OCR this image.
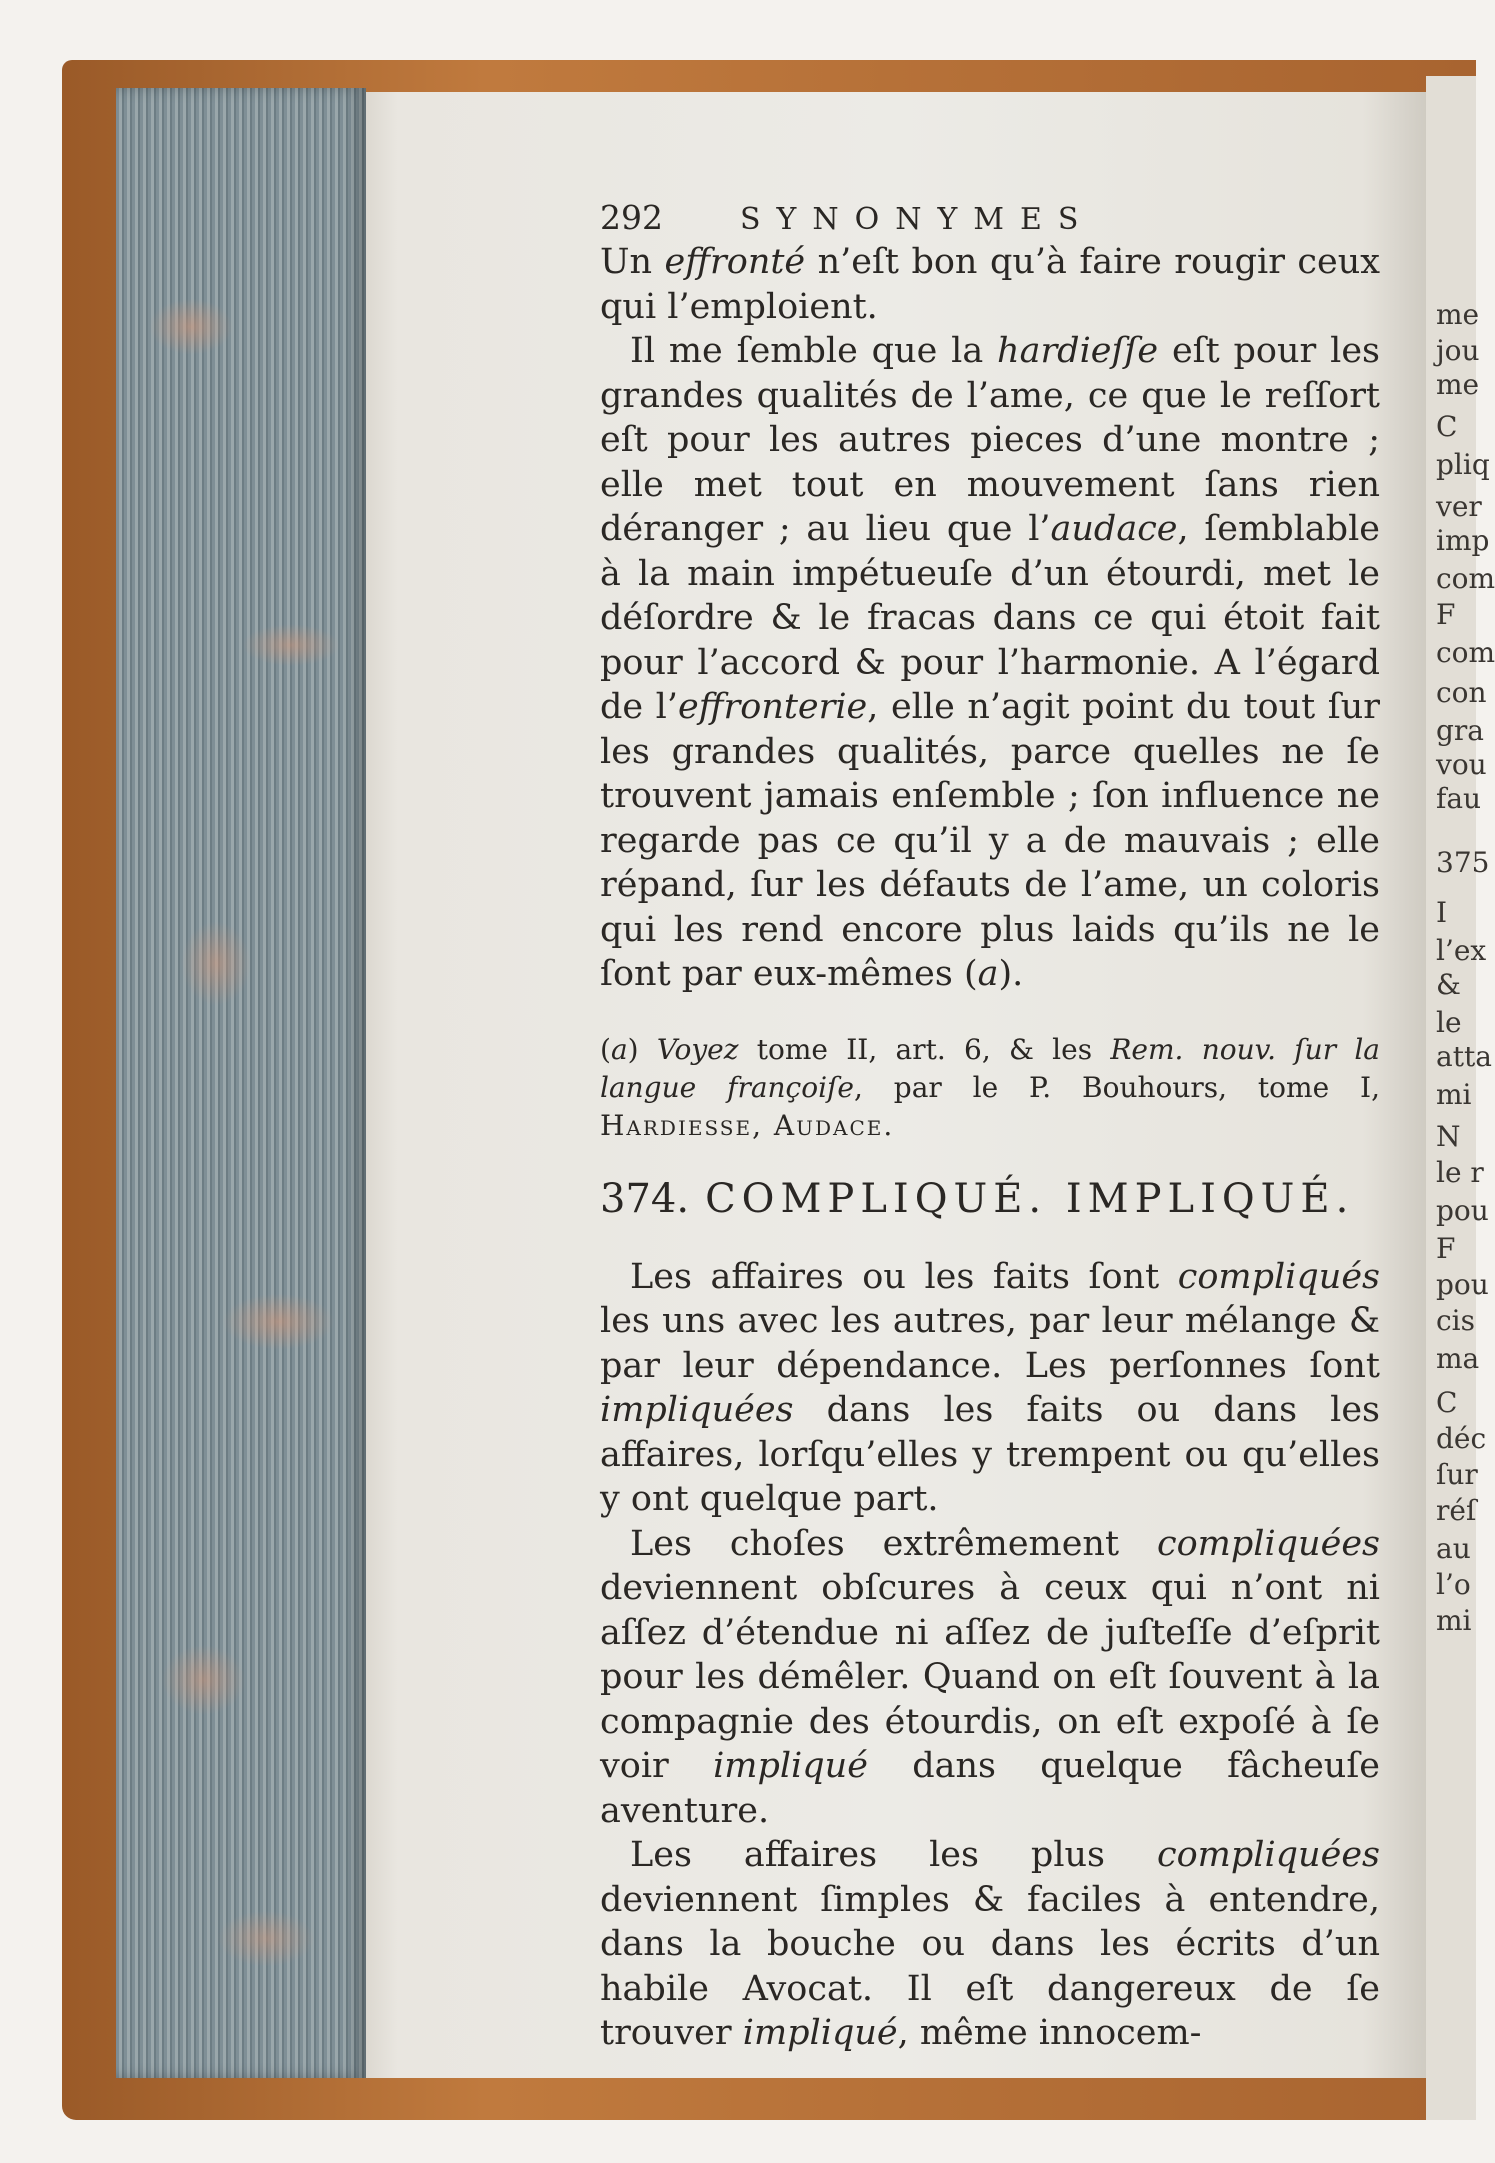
me
jou
me
C
pliq
ver
imp
com
F
com
con
gra
vou
fau
375
I
l’ex
&
le
atta
mi
N
le r
pou
F
pou
cis
ma
C
déc
ſur
réſ
au
l’o
mi
292	SYNONYMES

Un effronté n’eſt bon qu’à faire rougir ceux qui l’emploient.

Il me ſemble que la hardieſſe eſt pour les grandes qualités de l’ame, ce que le reſſort eſt pour les autres pieces d’une montre ; elle met tout en mouvement ſans rien déranger ; au lieu que l’audace, ſemblable à la main impétueuſe d’un étourdi, met le déſordre & le fracas dans ce qui étoit fait pour l’accord & pour l’harmonie. A l’égard de l’effronterie, elle n’agit point du tout ſur les grandes qualités, parce quelles ne ſe trouvent jamais enſemble ; ſon influence ne regarde pas ce qu’il y a de mauvais ; elle répand, ſur les défauts de l’ame, un coloris qui les rend encore plus laids qu’ils ne le ſont par eux-mêmes (a).

(a) Voyez tome II, art. 6, & les Rem. nouv. ſur la langue françoiſe, par le P. Bouhours, tome I, Hardiesse, Audace.

374. COMPLIQUÉ. IMPLIQUÉ.

Les affaires ou les faits ſont compliqués les uns avec les autres, par leur mélange & par leur dépendance. Les perſonnes ſont impliquées dans les faits ou dans les affaires, lorſqu’elles y trempent ou qu’elles y ont quelque part.

Les choſes extrêmement compliquées deviennent obſcures à ceux qui n’ont ni aſſez d’étendue ni aſſez de juſteſſe d’eſprit pour les démêler. Quand on eſt ſouvent à la compagnie des étourdis, on eſt expoſé à ſe voir impliqué dans quelque fâcheuſe aventure.

Les affaires les plus compliquées deviennent ſimples & faciles à entendre, dans la bouche ou dans les écrits d’un habile Avocat. Il eſt dangereux de ſe trouver impliqué, même innocem-
